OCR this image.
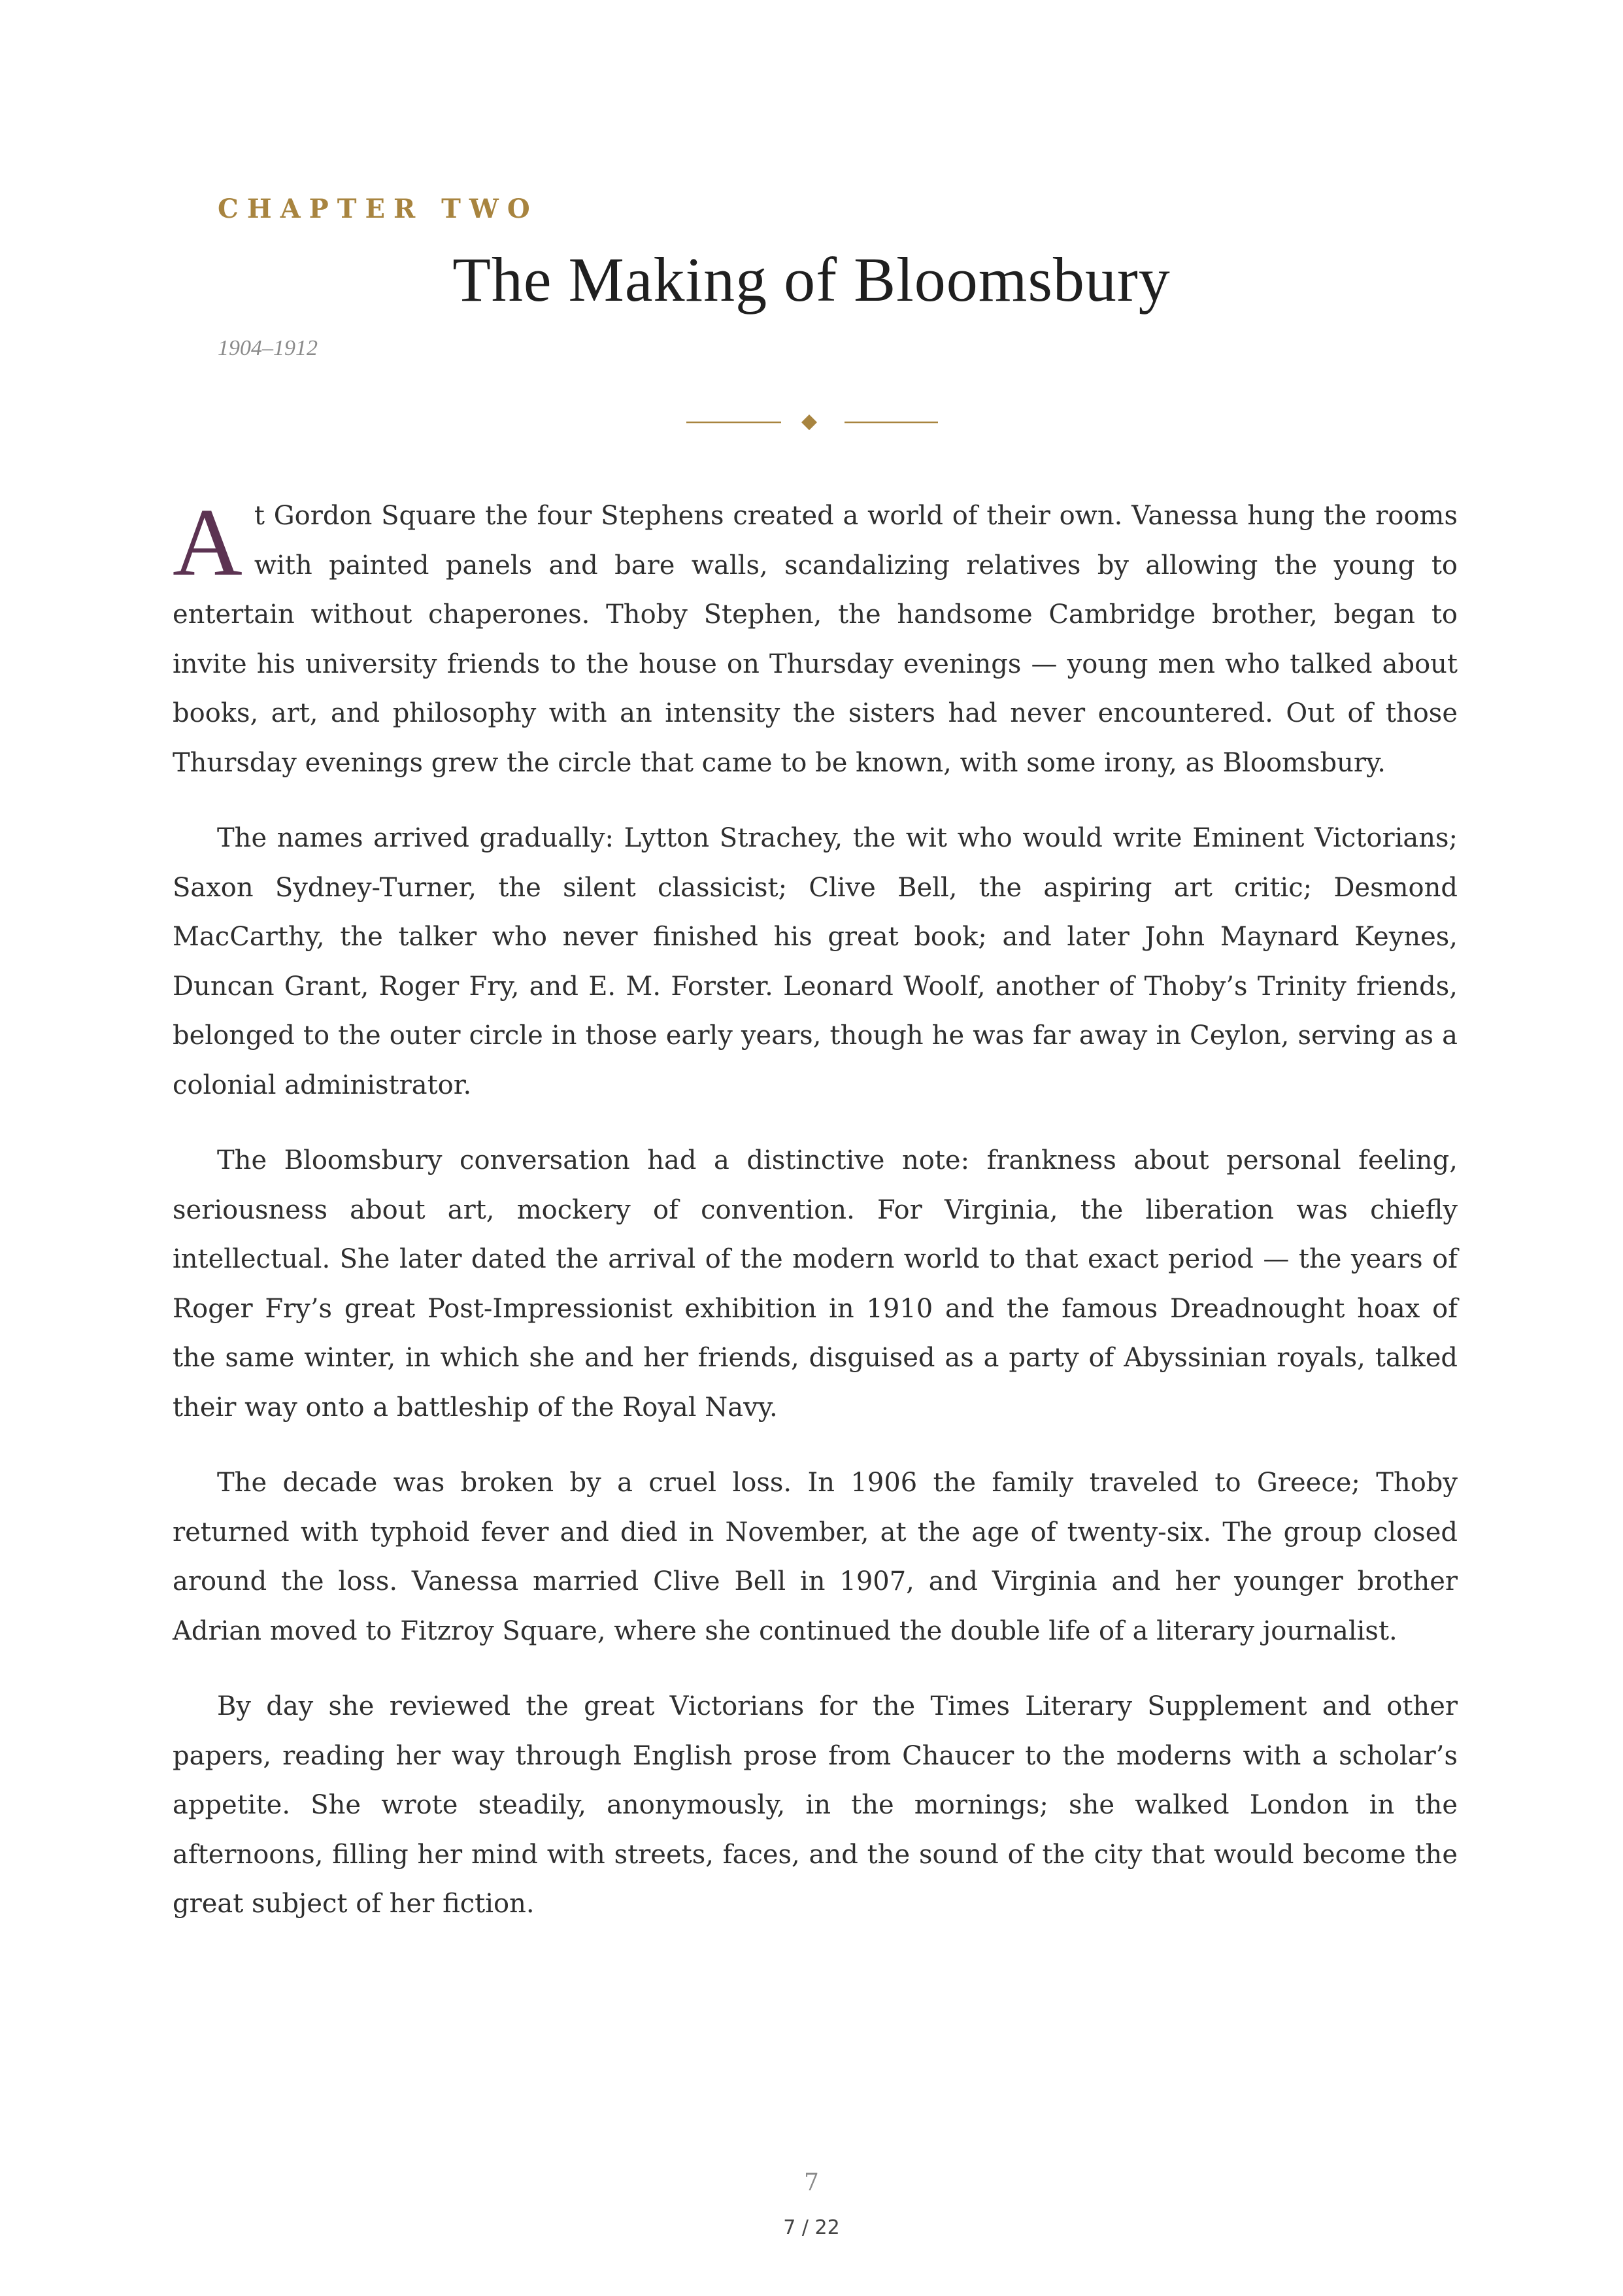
CHAPTER TWO
The Making of Bloomsbury
1904–1912

At Gordon Square the four Stephens created a world of their own. Vanessa hung the rooms with painted panels and bare walls, scandalizing relatives by allowing the young to entertain without chaperones. Thoby Stephen, the handsome Cambridge brother, began to invite his university friends to the house on Thursday evenings — young men who talked about books, art, and philosophy with an intensity the sisters had never encountered. Out of those Thursday evenings grew the circle that came to be known, with some irony, as Bloomsbury.

The names arrived gradually: Lytton Strachey, the wit who would write Eminent Victorians; Saxon Sydney-Turner, the silent classicist; Clive Bell, the aspiring art critic; Desmond MacCarthy, the talker who never finished his great book; and later John Maynard Keynes, Duncan Grant, Roger Fry, and E. M. Forster. Leonard Woolf, another of Thoby’s Trinity friends, belonged to the outer circle in those early years, though he was far away in Ceylon, serving as a colonial administrator.

The Bloomsbury conversation had a distinctive note: frankness about personal feeling, seriousness about art, mockery of convention. For Virginia, the liberation was chiefly intellectual. She later dated the arrival of the modern world to that exact period — the years of Roger Fry’s great Post-Impressionist exhibition in 1910 and the famous Dreadnought hoax of the same winter, in which she and her friends, disguised as a party of Abyssinian royals, talked their way onto a battleship of the Royal Navy.

The decade was broken by a cruel loss. In 1906 the family traveled to Greece; Thoby returned with typhoid fever and died in November, at the age of twenty-six. The group closed around the loss. Vanessa married Clive Bell in 1907, and Virginia and her younger brother Adrian moved to Fitzroy Square, where she continued the double life of a literary journalist.

By day she reviewed the great Victorians for the Times Literary Supplement and other papers, reading her way through English prose from Chaucer to the moderns with a scholar’s appetite. She wrote steadily, anonymously, in the mornings; she walked London in the afternoons, filling her mind with streets, faces, and the sound of the city that would become the great subject of her fiction.

7
7 / 22
